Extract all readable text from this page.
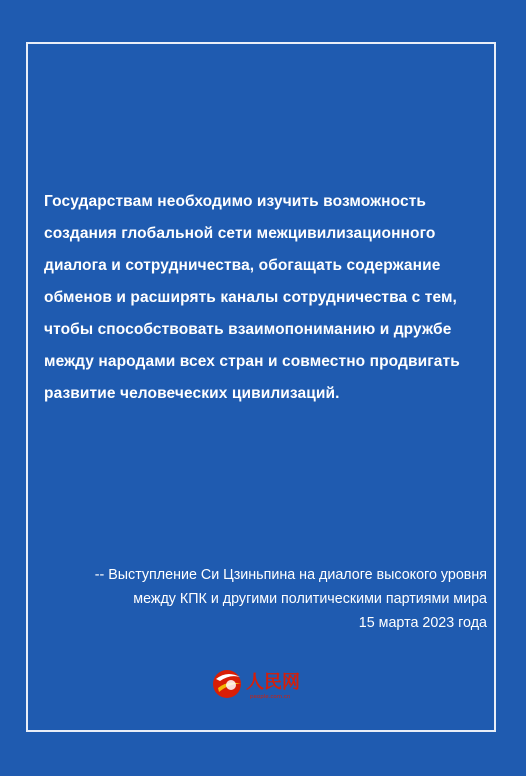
Государствам необходимо изучить возможность создания глобальной сети межцивилизационного диалога и сотрудничества, обогащать содержание обменов и расширять каналы сотрудничества с тем, чтобы способствовать взаимопониманию и дружбе между народами всех стран и совместно продвигать развитие человеческих цивилизаций.

-- Выступление Си Цзиньпина на диалоге высокого уровня
между КПК и другими политическими партиями мира
15 марта 2023 года
人民网
people.com.cn
